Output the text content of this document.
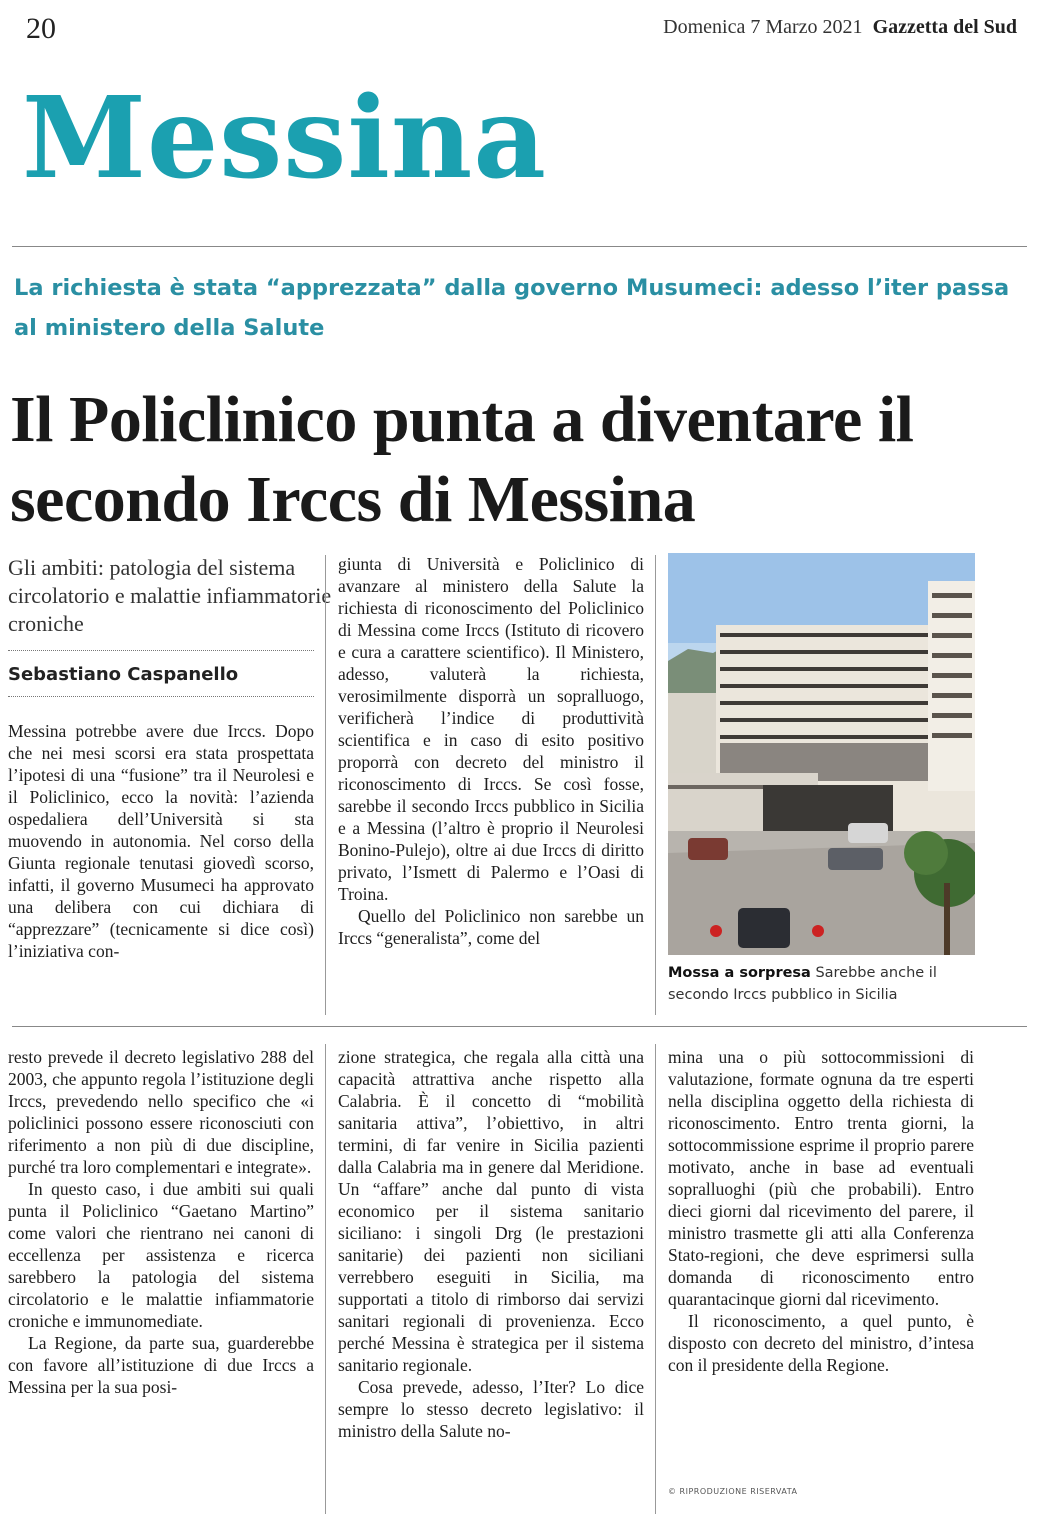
20	Domenica 7 Marzo 2021 Gazzetta del Sud
Messina
La richiesta è stata “apprezzata” dalla governo Musumeci: adesso l’iter passa al ministero della Salute
Il Policlinico punta a diventare il secondo Irccs di Messina
Gli ambiti: patologia del sistema circolatorio e malattie infiammatorie croniche
Sebastiano Caspanello

Messina potrebbe avere due Irccs. Dopo che nei mesi scorsi era stata prospettata l’ipotesi di una “fusione” tra il Neurolesi e il Policlinico, ecco la novità: l’azienda ospedaliera dell’Università si sta muovendo in autonomia. Nel corso della Giunta regionale tenutasi giovedì scorso, infatti, il governo Musumeci ha approvato una delibera con cui dichiara di “apprezzare” (tecnicamente si dice così) l’iniziativa con-

giunta di Università e Policlinico di avanzare al ministero della Salute la richiesta di riconoscimento del Policlinico di Messina come Irccs (Istituto di ricovero e cura a carattere scientifico). Il Ministero, adesso, valuterà la richiesta, verosimilmente disporrà un sopralluogo, verificherà l’indice di produttività scientifica e in caso di esito positivo proporrà con decreto del ministro il riconoscimento di Irccs. Se così fosse, sarebbe il secondo Irccs pubblico in Sicilia e a Messina (l’altro è proprio il Neurolesi Bonino-Pulejo), oltre ai due Irccs di diritto privato, l’Ismett di Palermo e l’Oasi di Troina.

Quello del Policlinico non sarebbe un Irccs “generalista”, come del

Mossa a sorpresa Sarebbe anche il secondo Irccs pubblico in Sicilia

resto prevede il decreto legislativo 288 del 2003, che appunto regola l’istituzione degli Irccs, prevedendo nello specifico che «i policlinici possono essere riconosciuti con riferimento a non più di due discipline, purché tra loro complementari e integrate».

In questo caso, i due ambiti sui quali punta il Policlinico “Gaetano Martino” come valori che rientrano nei canoni di eccellenza per assistenza e ricerca sarebbero la patologia del sistema circolatorio e le malattie infiammatorie croniche e immunomediate.

La Regione, da parte sua, guarderebbe con favore all’istituzione di due Irccs a Messina per la sua posi-

zione strategica, che regala alla città una capacità attrattiva anche rispetto alla Calabria. È il concetto di “mobilità sanitaria attiva”, l’obiettivo, in altri termini, di far venire in Sicilia pazienti dalla Calabria ma in genere dal Meridione. Un “affare” anche dal punto di vista economico per il sistema sanitario siciliano: i singoli Drg (le prestazioni sanitarie) dei pazienti non siciliani verrebbero eseguiti in Sicilia, ma supportati a titolo di rimborso dai servizi sanitari regionali di provenienza. Ecco perché Messina è strategica per il sistema sanitario regionale.

Cosa prevede, adesso, l’Iter? Lo dice sempre lo stesso decreto legislativo: il ministro della Salute no-

mina una o più sottocommissioni di valutazione, formate ognuna da tre esperti nella disciplina oggetto della richiesta di riconoscimento. Entro trenta giorni, la sottocommissione esprime il proprio parere motivato, anche in base ad eventuali sopralluoghi (più che probabili). Entro dieci giorni dal ricevimento del parere, il ministro trasmette gli atti alla Conferenza Stato-regioni, che deve esprimersi sulla domanda di riconoscimento entro quarantacinque giorni dal ricevimento.

Il riconoscimento, a quel punto, è disposto con decreto del ministro, d’intesa con il presidente della Regione.

© RIPRODUZIONE RISERVATA
